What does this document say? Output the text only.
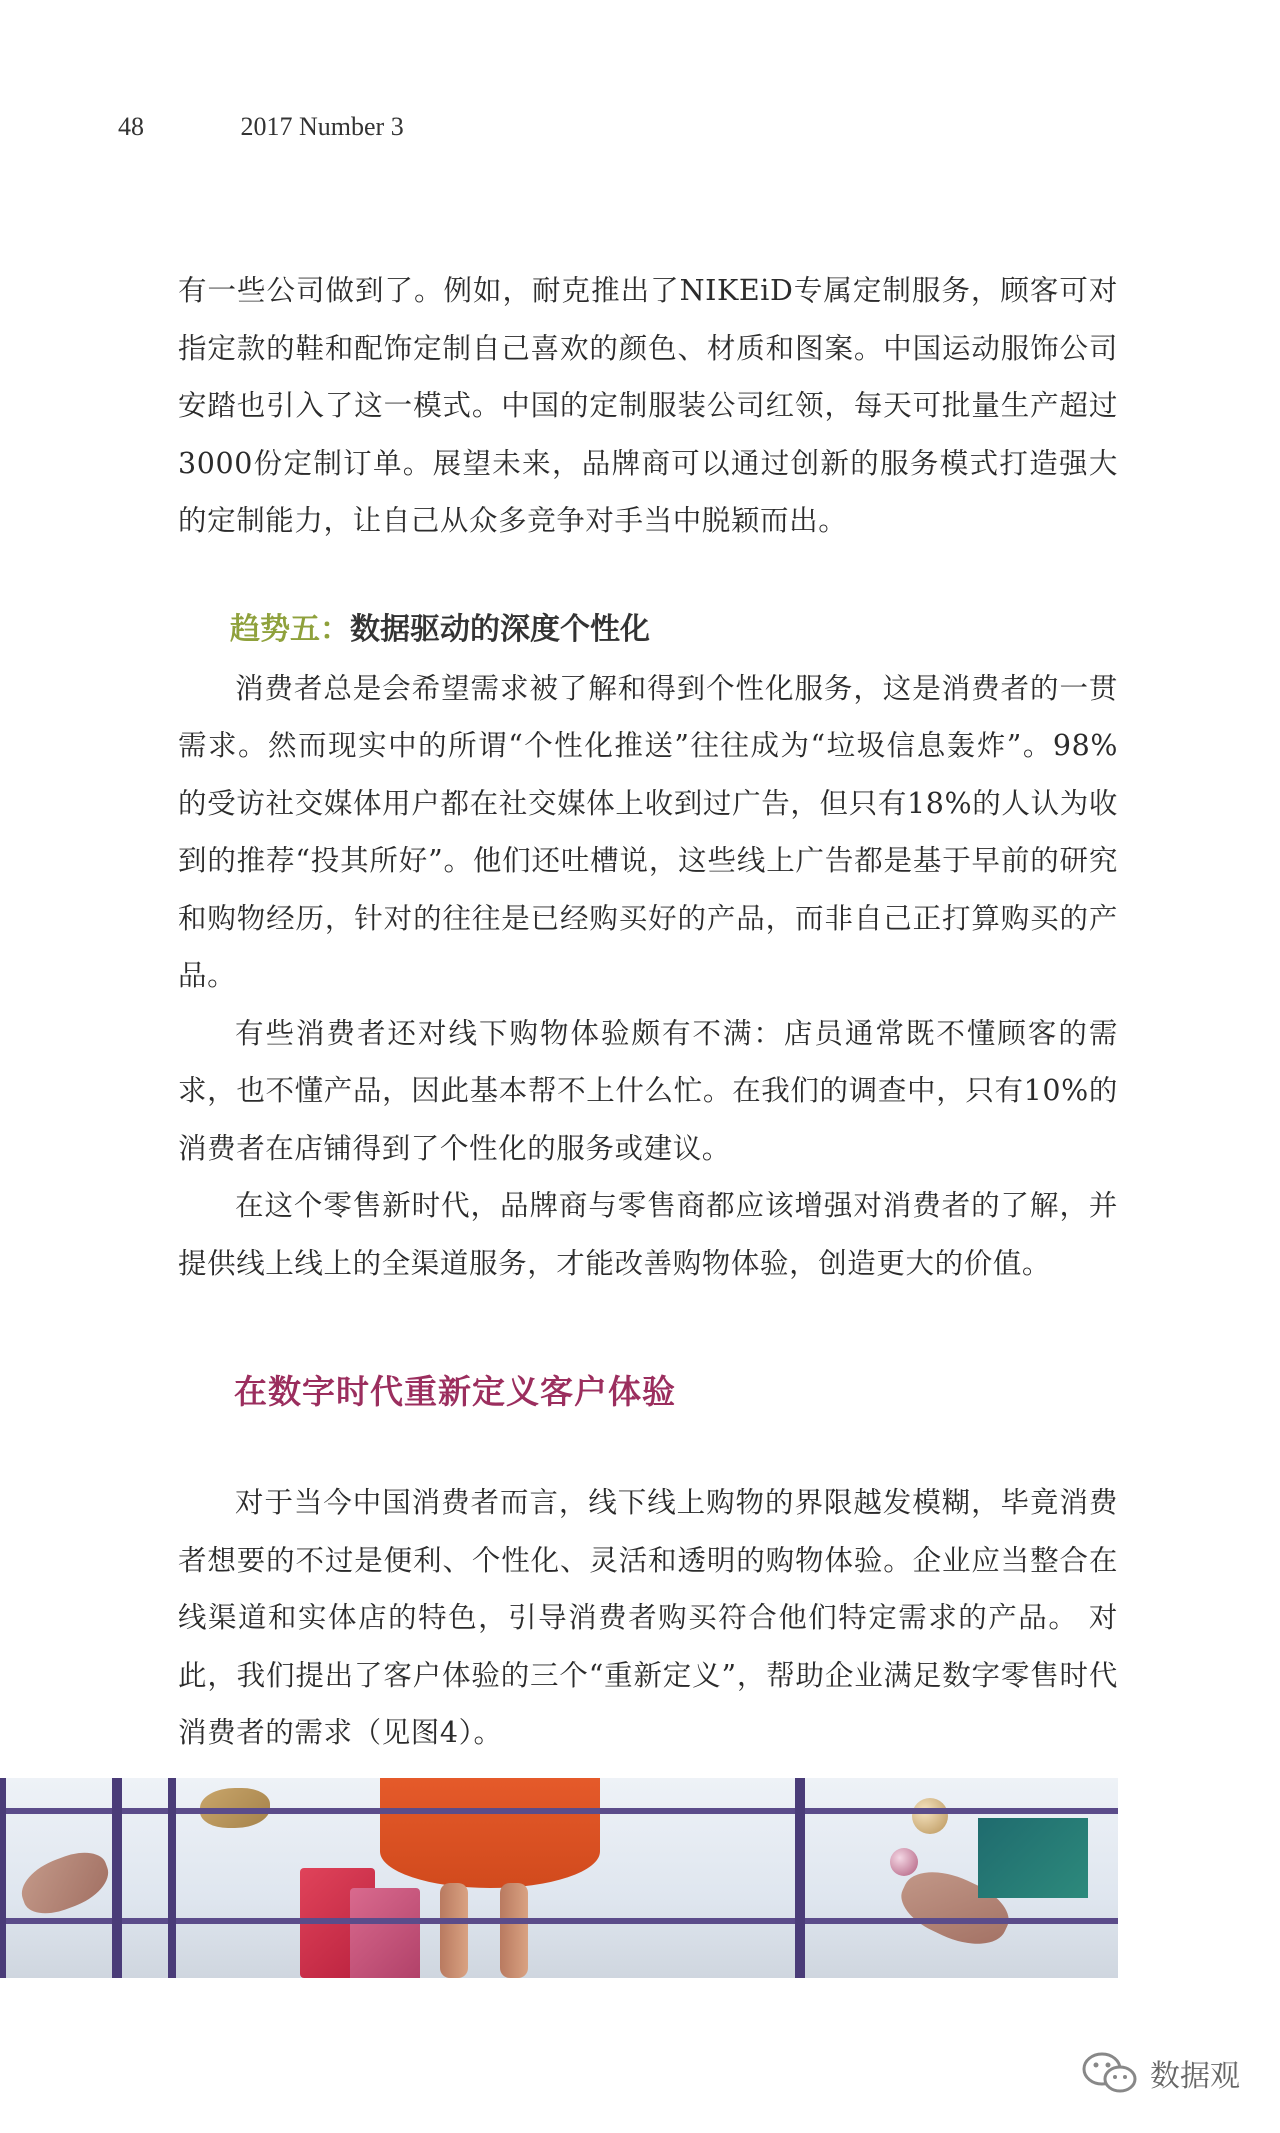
48	2017 Number 3

有一些公司做到了。例如，耐克推出了NIKEiD专属定制服务，顾客可对指定款的鞋和配饰定制自己喜欢的颜色、材质和图案。中国运动服饰公司安踏也引入了这一模式。中国的定制服装公司红领，每天可批量生产超过3000份定制订单。展望未来，品牌商可以通过创新的服务模式打造强大的定制能力，让自己从众多竞争对手当中脱颖而出。

趋势五：数据驱动的深度个性化

消费者总是会希望需求被了解和得到个性化服务，这是消费者的一贯需求。然而现实中的所谓“个性化推送”往往成为“垃圾信息轰炸”。98%的受访社交媒体用户都在社交媒体上收到过广告，但只有18%的人认为收到的推荐“投其所好”。他们还吐槽说，这些线上广告都是基于早前的研究和购物经历，针对的往往是已经购买好的产品，而非自己正打算购买的产品。

有些消费者还对线下购物体验颇有不满：店员通常既不懂顾客的需求，也不懂产品，因此基本帮不上什么忙。在我们的调查中，只有10%的消费者在店铺得到了个性化的服务或建议。

在这个零售新时代，品牌商与零售商都应该增强对消费者的了解，并提供线上线上的全渠道服务，才能改善购物体验，创造更大的价值。

在数字时代重新定义客户体验

对于当今中国消费者而言，线下线上购物的界限越发模糊，毕竟消费者想要的不过是便利、个性化、灵活和透明的购物体验。企业应当整合在线渠道和实体店的特色，引导消费者购买符合他们特定需求的产品。 对此，我们提出了客户体验的三个“重新定义”，帮助企业满足数字零售时代消费者的需求（见图4）。

数据观
